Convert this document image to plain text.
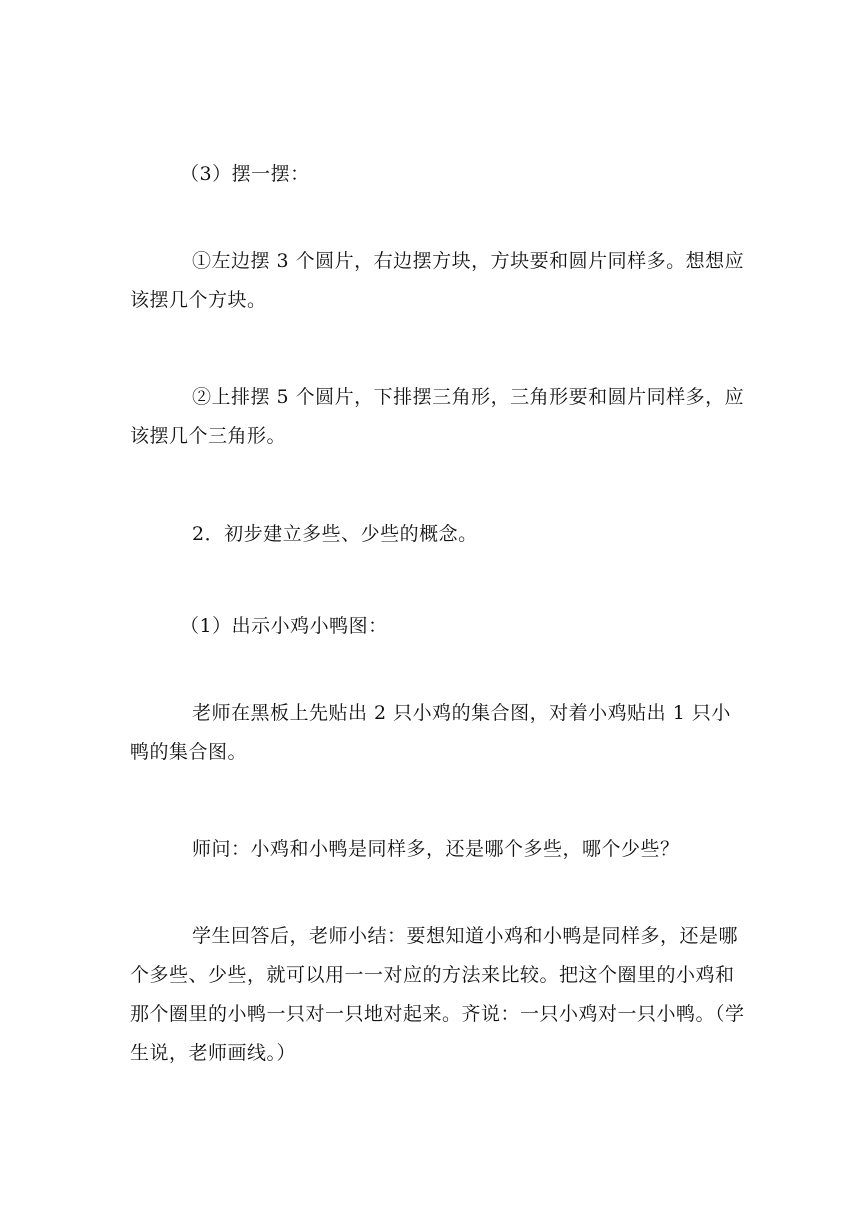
（3）摆一摆：

①左边摆 3 个圆片，右边摆方块，方块要和圆片同样多。想想应该摆几个方块。

②上排摆 5 个圆片，下排摆三角形，三角形要和圆片同样多，应该摆几个三角形。

2．初步建立多些、少些的概念。

（1）出示小鸡小鸭图：

老师在黑板上先贴出 2 只小鸡的集合图，对着小鸡贴出 1 只小鸭的集合图。

师问：小鸡和小鸭是同样多，还是哪个多些，哪个少些？

学生回答后，老师小结：要想知道小鸡和小鸭是同样多，还是哪个多些、少些，就可以用一一对应的方法来比较。把这个圈里的小鸡和那个圈里的小鸭一只对一只地对起来。齐说：一只小鸡对一只小鸭。（学生说，老师画线。）
